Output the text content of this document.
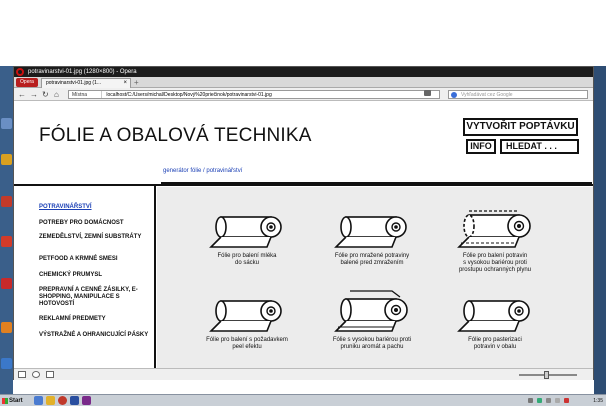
potravinarstvi-01.jpg (1280×800) - Opera
Opera	potravinarstvi-01.jpg (1...	× +
← → ↻ ⌂	Místna	localhost/C:/Users/michal/Desktop/Nový%20priečinok/potravinarstvi-01.jpg	Vyhľadávat cez Google
FÓLIE A OBALOVÁ TECHNIKA	VYTVOŘIT POPTÁVKU
INFO	HLEDAT . . .
POTRAVINÁŘSTVÍ
POTREBY PRO DOMÁCNOST
ZEMEDĚLSTVÍ, ZEMNÍ SUBSTRÁTY
PETFOOD A KRMNÉ SMESI
CHEMICKÝ PRUMYSL
PREPRAVNÍ A CENNÉ ZÁSILKY, E-SHOPPING, MANIPULACE S HOTOVOSTÍ
REKLAMNÍ PREDMETY
VÝSTRAŽNÉ A OHRANICUJÍCÍ PÁSKY
generátor fólie / potravinářství
Fólie pro balení mléka
do sácku
Fólie pro mražené potraviny
balené pred zmražením
Fólie pro balení potravin
s vysokou bariérou proti
prostupu ochranných plynu
Fólie pro balení s požadavkem
peel efektu
Fólie s vysokou bariérou proti
pruniku aromát a pachu
Fólie pro pasterizaci
potravin v obalu
Start	1:35
